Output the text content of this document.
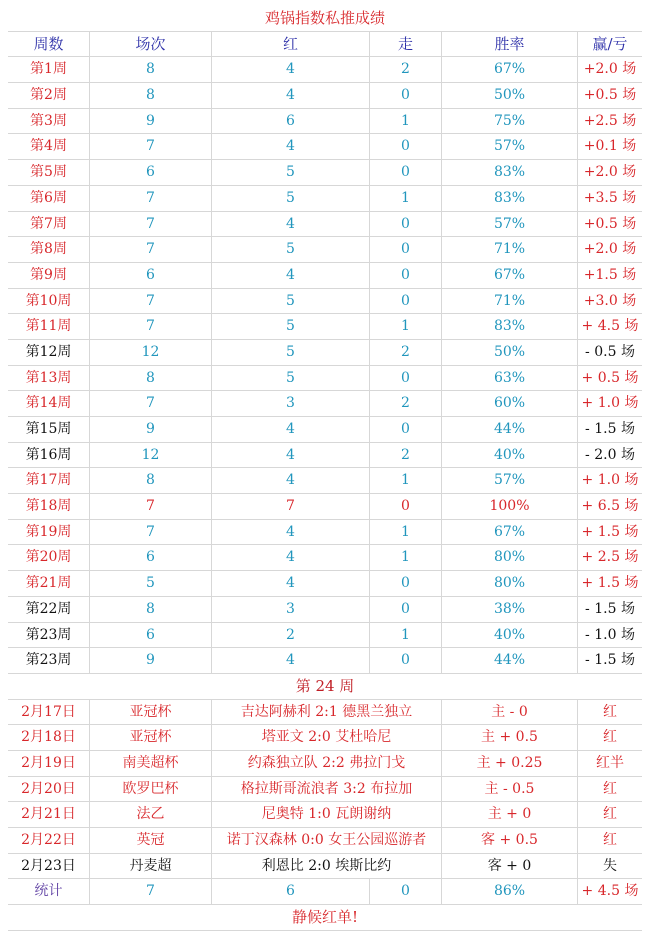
鸡锅指数私推成绩
周数	场次	红	走	胜率	赢/亏
第1周	8	4	2	67%	+2.0 场
第2周	8	4	0	50%	+0.5 场
第3周	9	6	1	75%	+2.5 场
第4周	7	4	0	57%	+0.1 场
第5周	6	5	0	83%	+2.0 场
第6周	7	5	1	83%	+3.5 场
第7周	7	4	0	57%	+0.5 场
第8周	7	5	0	71%	+2.0 场
第9周	6	4	0	67%	+1.5 场
第10周	7	5	0	71%	+3.0 场
第11周	7	5	1	83%	+ 4.5 场
第12周	12	5	2	50%	- 0.5 场
第13周	8	5	0	63%	+ 0.5 场
第14周	7	3	2	60%	+ 1.0 场
第15周	9	4	0	44%	- 1.5 场
第16周	12	4	2	40%	- 2.0 场
第17周	8	4	1	57%	+ 1.0 场
第18周	7	7	0	100%	+ 6.5 场
第19周	7	4	1	67%	+ 1.5 场
第20周	6	4	1	80%	+ 2.5 场
第21周	5	4	0	80%	+ 1.5 场
第22周	8	3	0	38%	- 1.5 场
第23周	6	2	1	40%	- 1.0 场
第23周	9	4	0	44%	- 1.5 场
第 24 周
2月17日	亚冠杯	吉达阿赫利 2:1 德黑兰独立	主 - 0	红
2月18日	亚冠杯	塔亚文 2:0 艾杜哈尼	主 + 0.5	红
2月19日	南美超杯	约森独立队 2:2 弗拉门戈	主 + 0.25	红半
2月20日	欧罗巴杯	格拉斯哥流浪者 3:2 布拉加	主 - 0.5	红
2月21日	法乙	尼奥特 1:0 瓦朗谢纳	主 + 0	红
2月22日	英冠	诺丁汉森林 0:0 女王公园巡游者	客 + 0.5	红
2月23日	丹麦超	利恩比 2:0 埃斯比约	客 + 0	失
统计	7	6	0	86%	+ 4.5 场
静候红单!
